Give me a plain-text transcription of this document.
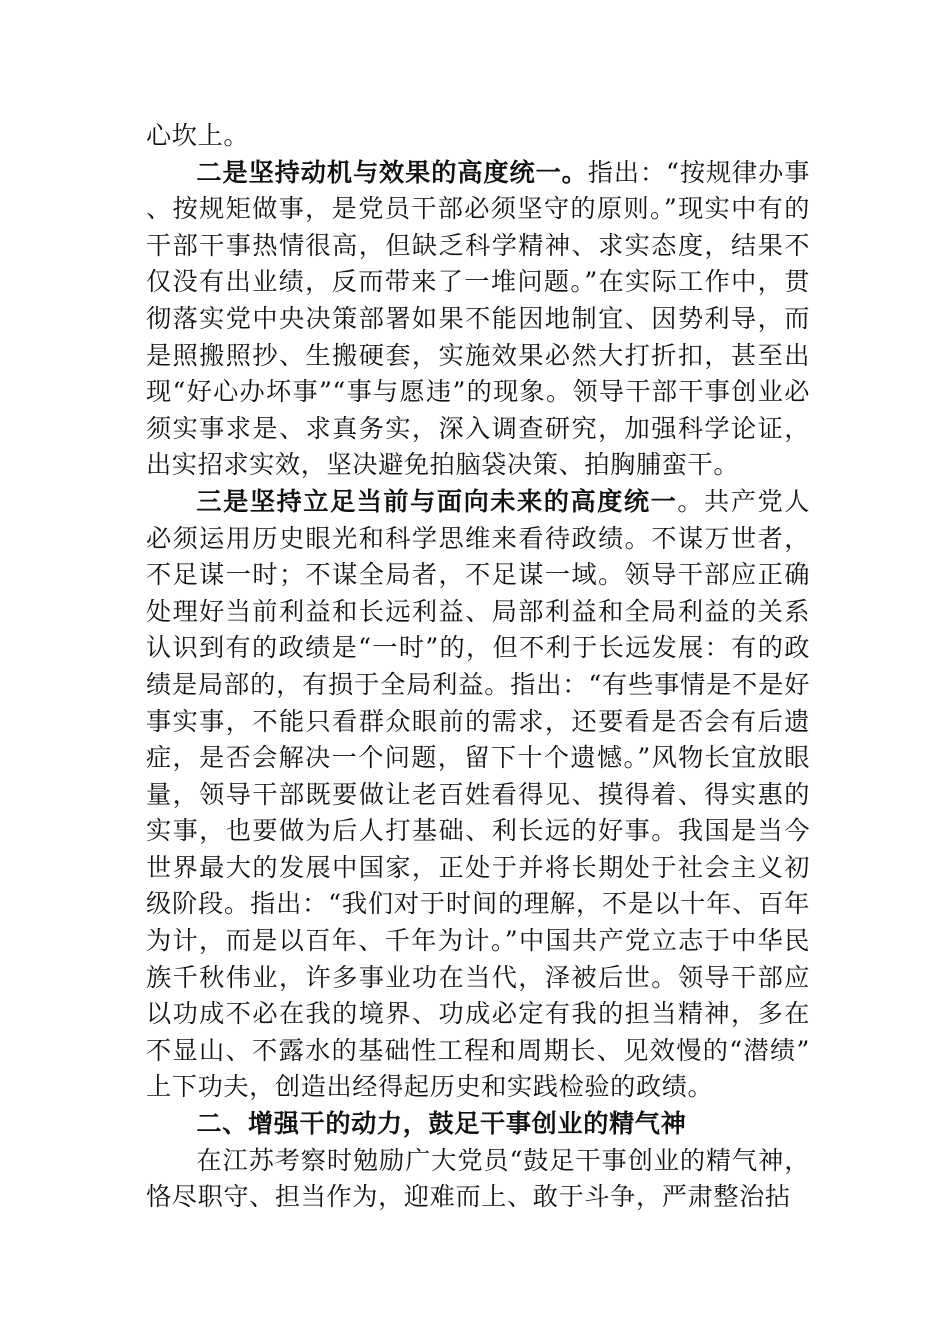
心坎上。

二是坚持动机与效果的高度统一。指出：“按规律办事、按规矩做事，是党员干部必须坚守的原则。”现实中有的干部干事热情很高，但缺乏科学精神、求实态度，结果不仅没有出业绩，反而带来了一堆问题。”在实际工作中，贯彻落实党中央决策部署如果不能因地制宜、因势利导，而是照搬照抄、生搬硬套，实施效果必然大打折扣，甚至出现“好心办坏事”“事与愿违”的现象。领导干部干事创业必须实事求是、求真务实，深入调查研究，加强科学论证，出实招求实效，坚决避免拍脑袋决策、拍胸脯蛮干。

三是坚持立足当前与面向未来的高度统一。共产党人必须运用历史眼光和科学思维来看待政绩。不谋万世者，不足谋一时；不谋全局者，不足谋一域。领导干部应正确处理好当前利益和长远利益、局部利益和全局利益的关系认识到有的政绩是“一时”的，但不利于长远发展：有的政绩是局部的，有损于全局利益。指出：“有些事情是不是好事实事，不能只看群众眼前的需求，还要看是否会有后遗症，是否会解决一个问题，留下十个遗憾。”风物长宜放眼量，领导干部既要做让老百姓看得见、摸得着、得实惠的实事，也要做为后人打基础、利长远的好事。我国是当今世界最大的发展中国家，正处于并将长期处于社会主义初级阶段。指出：“我们对于时间的理解，不是以十年、百年为计，而是以百年、千年为计。”中国共产党立志于中华民族千秋伟业，许多事业功在当代，泽被后世。领导干部应以功成不必在我的境界、功成必定有我的担当精神，多在不显山、不露水的基础性工程和周期长、见效慢的“潜绩”上下功夫，创造出经得起历史和实践检验的政绩。

二、增强干的动力，鼓足干事创业的精气神

在江苏考察时勉励广大党员“鼓足干事创业的精气神，恪尽职守、担当作为，迎难而上、敢于斗争，严肃整治拈
